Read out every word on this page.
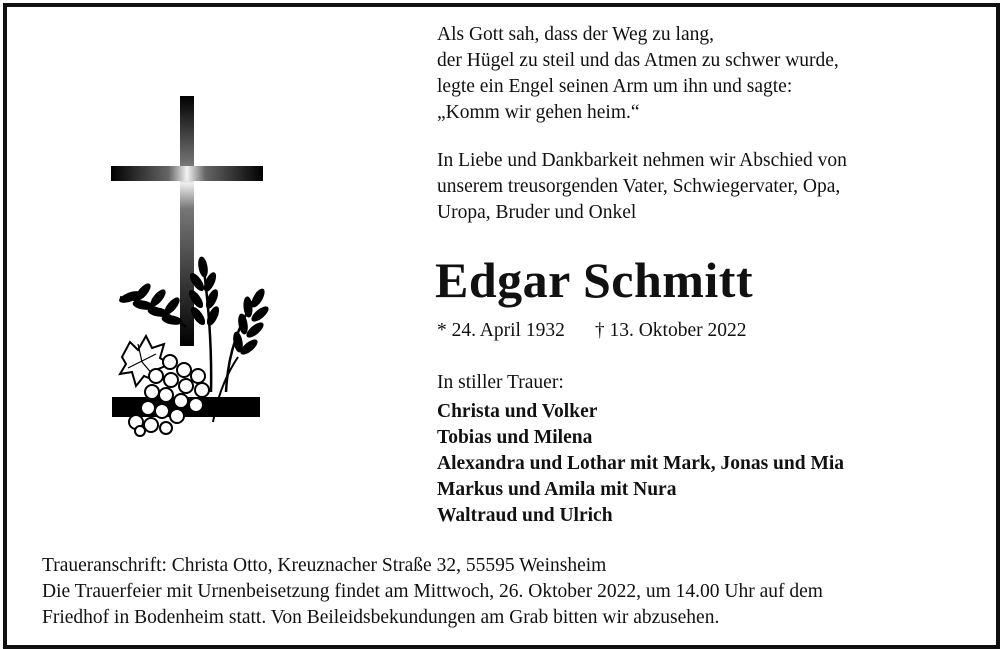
Als Gott sah, dass der Weg zu lang,
der Hügel zu steil und das Atmen zu schwer wurde,
legte ein Engel seinen Arm um ihn und sagte:
„Komm wir gehen heim.“
In Liebe und Dankbarkeit nehmen wir Abschied von
unserem treusorgenden Vater, Schwiegervater, Opa,
Uropa, Bruder und Onkel
Edgar Schmitt
* 24. April 1932 † 13. Oktober 2022
In stiller Trauer:
Christa und Volker
Tobias und Milena
Alexandra und Lothar mit Mark, Jonas und Mia
Markus und Amila mit Nura
Waltraud und Ulrich
Traueranschrift: Christa Otto, Kreuznacher Straße 32, 55595 Weinsheim
Die Trauerfeier mit Urnenbeisetzung findet am Mittwoch, 26. Oktober 2022, um 14.00 Uhr auf dem
Friedhof in Bodenheim statt. Von Beileidsbekundungen am Grab bitten wir abzusehen.
